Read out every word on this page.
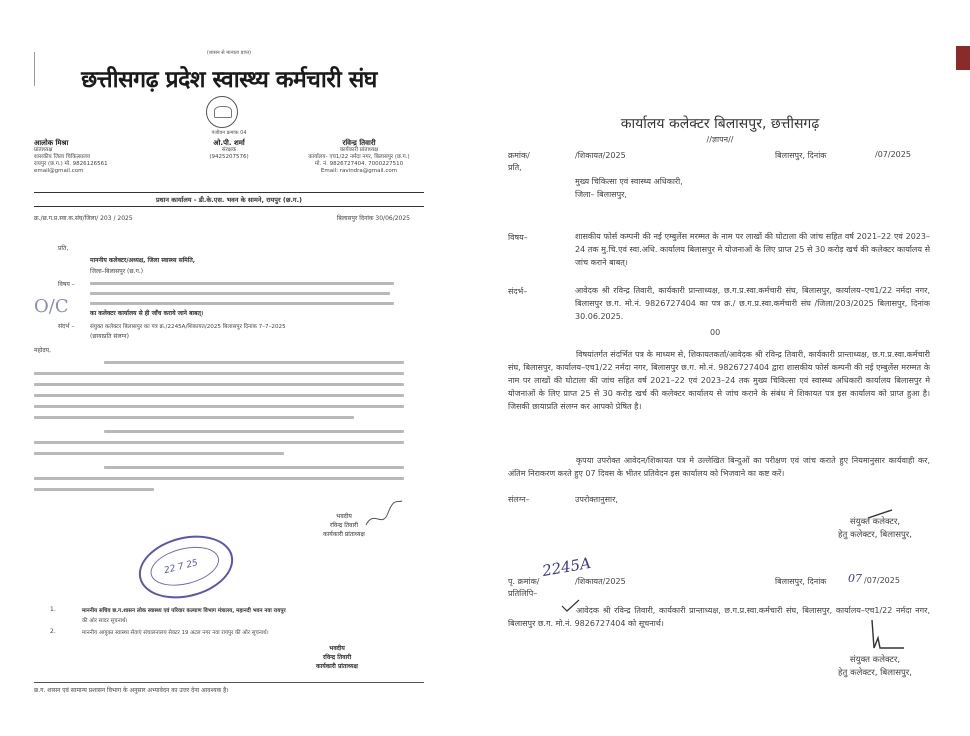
(शासन से मान्यता प्राप्त)
छत्तीसगढ़ प्रदेश स्वास्थ्य कर्मचारी संघ
पंजीयन क्रमांक 04
आलोक मिश्रा
प्रांताध्यक्ष
शासकीय जिला चिकित्सालय
रायपुर (छ.ग.) मो. 9826126561
email@gmail.com
ओ.पी. शर्मा
संरक्षक
(9425207576)
रविन्द्र तिवारी
कार्यकारी प्रांताध्यक्ष
कार्यालय- एच1/22 नर्मदा नगर, बिलासपुर (छ.ग.)
मो. नं. 9826727404, 7000227510
Email: ravindra@gmail.com
प्रधान कार्यालय - डी.के.एस. भवन के सामने, रायपुर (छ.ग.)
क्र./छ.ग.प्र.स्वा.क.संघ/जिला/ 203 / 2025	बिलासपुर दिनांक 30/06/2025
प्रति,
माननीय कलेक्टर/अध्यक्ष, जिला स्वास्थ्य समिति,
जिला–बिलासपुर (छ.ग.)
विषय –
का कलेक्टर कार्यालय से ही जाँच कराये जाने बाबत्।
O/C
संदर्भ –	संयुक्त कलेक्टर बिलासपुर का पत्र क्र./2245A/शिकायत/2025 बिलासपुर दिनांक 7–7–2025
(छायाप्रति संलग्न)
महोदय,
22 7 25
भवदीय
रविन्द्र तिवारी
कार्यकारी प्रांताध्यक्ष
1.	माननीय सचिव छ.ग.शासन लोक स्वास्थ्य एवं परिवार कल्याण विभाग मंत्रालय, महानदी भवन नवा रायपुर
की ओर सादर सूचनार्थ।
2.	माननीय आयुक्त स्वास्थ्य सेवाएं संचालनालय सेक्टर 19 अटल नगर नवा रायपुर की ओर सूचनार्थ।
भवदीय
रविन्द्र तिवारी
कार्यकारी प्रांताध्यक्ष
छ.ग. शासन एवं सामान्य प्रशासन विभाग के अनुसार अभ्यावेदन का उत्तर देना आवश्यक है।
कार्यालय कलेक्टर बिलासपुर, छत्तीसगढ़
//ज्ञापन//
क्रमांक/	/शिकायत/2025	बिलासपुर, दिनांक	/07/2025
प्रति,
मुख्य चिकित्सा एवं स्वास्थ्य अधिकारी,
जिला– बिलासपुर,
विषय–	शासकीय फोर्स कम्पनी की नई एम्बुलेंस मरम्मत के नाम पर लाखों की घोटाला की जांच सहित वर्ष 2021–22 एवं 2023–24 तक मु.चि.एवं स्वा.अधि. कार्यालय बिलासपुर मे योजनाओं के लिए प्राप्त 25 से 30 करोड़ खर्च की कलेक्टर कार्यालय से जांच कराने बाबत्।
संदर्भ–	आवेदक श्री रविन्द्र तिवारी, कार्यकारी प्रान्ताध्यक्ष, छ.ग.प्र.स्वा.कर्मचारी संघ, बिलासपुर, कार्यालय–एच1/22 नर्मदा नगर, बिलासपुर छ.ग. मो.नं. 9826727404 का पत्र क्र./ छ.ग.प्र.स्वा.कर्मचारी संघ /जिला/203/2025 बिलासपुर, दिनांक 30.06.2025.
00
विषयांतर्गत संदर्भित पत्र के माध्यम से, शिकायतकर्ता/आवेदक श्री रविन्द्र तिवारी, कार्यकारी प्रान्ताध्यक्ष, छ.ग.प्र.स्वा.कर्मचारी संघ, बिलासपुर, कार्यालय–एच1/22 नर्मदा नगर, बिलासपुर छ.ग. मो.नं. 9826727404 द्वारा शासकीय फोर्स कम्पनी की नई एम्बुलेंस मरम्मत के नाम पर लाखों की घोटाला की जांच सहित वर्ष 2021–22 एवं 2023–24 तक मुख्य चिकित्सा एवं स्वास्थ्य अधिकारी कार्यालय बिलासपुर मे योजनाओं के लिए प्राप्त 25 से 30 करोड़ खर्च की कलेक्टर कार्यालय से जांच कराने के संबंध मे शिकायत पत्र इस कार्यालय को प्राप्त हुआ है। जिसकी छायाप्रति संलग्न कर आपको प्रेषित है।
कृपया उपरोक्त आवेदन/शिकायत पत्र मे उल्लेखित बिन्दुओं का परीक्षण एवं जांच कराते हुए नियमानुसार कार्यवाही कर, अंतिम निराकरण करते हुए 07 दिवस के भीतर प्रतिवेदन इस कार्यालय को भिजवाने का कष्ट करें।
संलग्न–	उपरोक्तानुसार,
संयुक्त कलेक्टर,
हेतु कलेक्टर, बिलासपुर,
पृ. क्रमांक/
2245A
/शिकायत/2025	बिलासपुर, दिनांक 07 /07/2025
प्रतिलिपि–
आवेदक श्री रविन्द्र तिवारी, कार्यकारी प्रान्ताध्यक्ष, छ.ग.प्र.स्वा.कर्मचारी संघ, बिलासपुर, कार्यालय–एच1/22 नर्मदा नगर, बिलासपुर छ.ग. मो.नं. 9826727404 को सूचनार्थ।
संयुक्त कलेक्टर,
हेतु कलेक्टर, बिलासपुर,
